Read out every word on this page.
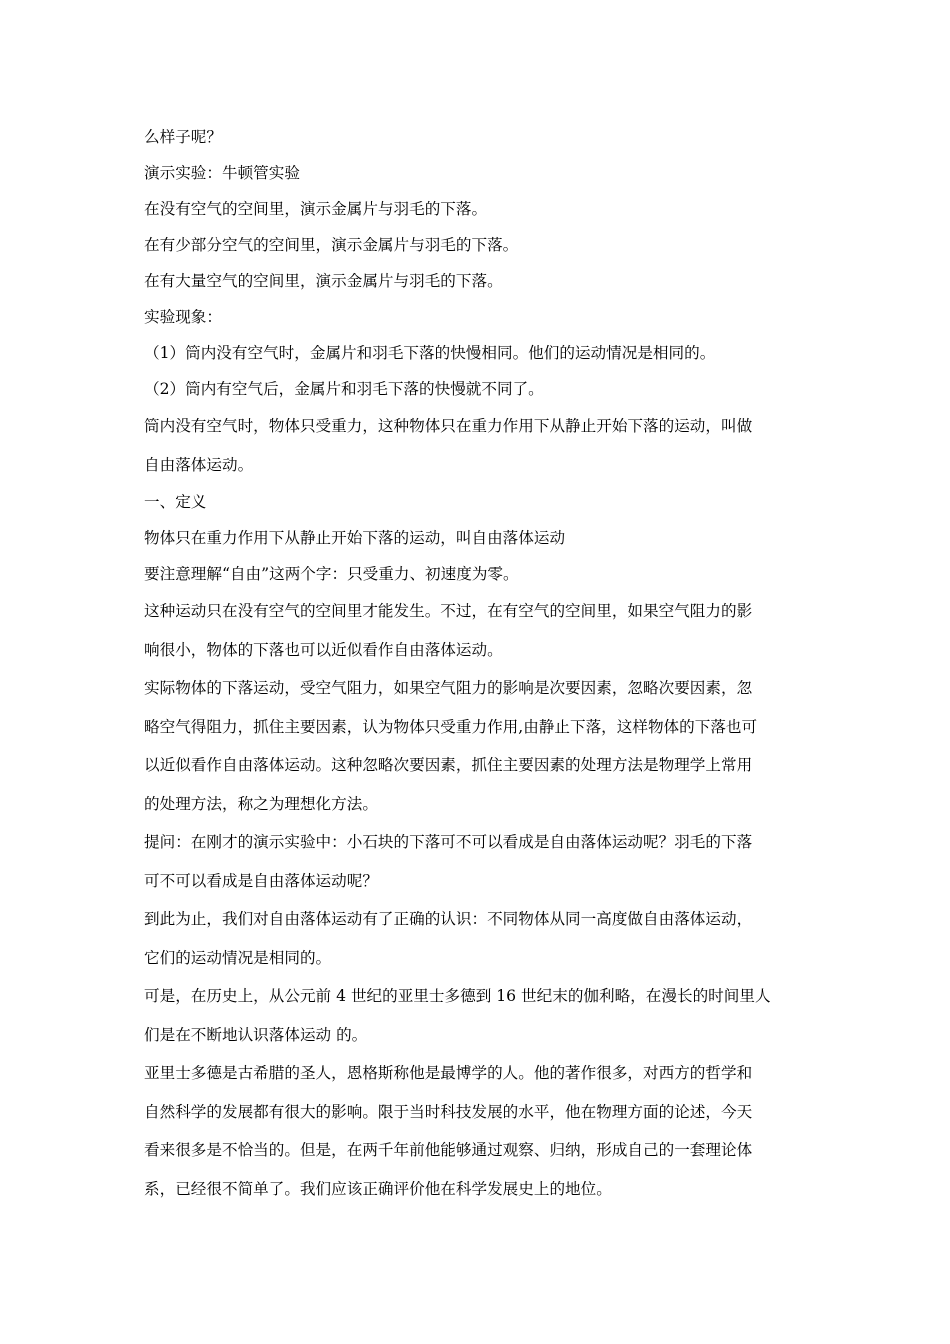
么样子呢？

演示实验：牛顿管实验

在没有空气的空间里，演示金属片与羽毛的下落。

在有少部分空气的空间里，演示金属片与羽毛的下落。

在有大量空气的空间里，演示金属片与羽毛的下落。

实验现象：

（1）筒内没有空气时，金属片和羽毛下落的快慢相同。他们的运动情况是相同的。

（2）筒内有空气后，金属片和羽毛下落的快慢就不同了。

筒内没有空气时，物体只受重力，这种物体只在重力作用下从静止开始下落的运动，叫做

自由落体运动。

一、定义

物体只在重力作用下从静止开始下落的运动，叫自由落体运动

要注意理解“自由”这两个字：只受重力、初速度为零。

这种运动只在没有空气的空间里才能发生。不过，在有空气的空间里，如果空气阻力的影

响很小，物体的下落也可以近似看作自由落体运动。

实际物体的下落运动，受空气阻力，如果空气阻力的影响是次要因素，忽略次要因素，忽

略空气得阻力，抓住主要因素，认为物体只受重力作用,由静止下落，这样物体的下落也可

以近似看作自由落体运动。这种忽略次要因素，抓住主要因素的处理方法是物理学上常用

的处理方法，称之为理想化方法。

提问：在刚才的演示实验中：小石块的下落可不可以看成是自由落体运动呢？羽毛的下落

可不可以看成是自由落体运动呢？

到此为止，我们对自由落体运动有了正确的认识：不同物体从同一高度做自由落体运动，

它们的运动情况是相同的。

可是，在历史上，从公元前 4 世纪的亚里士多德到 16 世纪末的伽利略，在漫长的时间里人

们是在不断地认识落体运动 的。

亚里士多德是古希腊的圣人，恩格斯称他是最博学的人。他的著作很多，对西方的哲学和

自然科学的发展都有很大的影响。限于当时科技发展的水平，他在物理方面的论述，今天

看来很多是不恰当的。但是，在两千年前他能够通过观察、归纳，形成自己的一套理论体

系，已经很不简单了。我们应该正确评价他在科学发展史上的地位。
